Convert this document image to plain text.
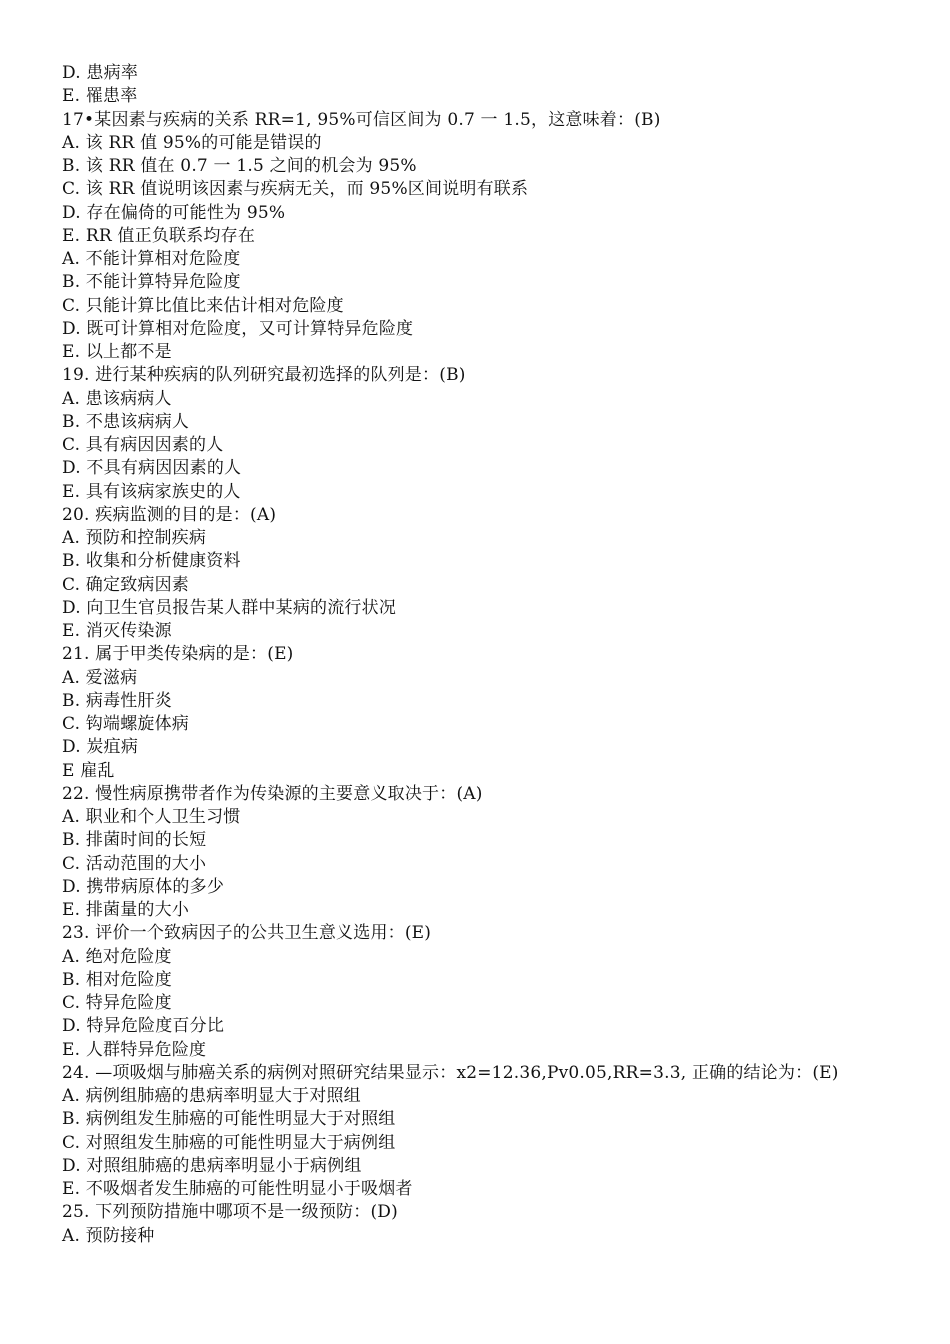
D. 患病率
E. 罹患率
17•某因素与疾病的关系 RR=1, 95%可信区间为 0.7 一 1.5，这意味着：(B)
A. 该 RR 值 95%的可能是错误的
B. 该 RR 值在 0.7 一 1.5 之间的机会为 95%
C. 该 RR 值说明该因素与疾病无关，而 95%区间说明有联系
D. 存在偏倚的可能性为 95%
E. RR 值正负联系均存在
A. 不能计算相对危险度
B. 不能计算特异危险度
C. 只能计算比值比来估计相对危险度
D. 既可计算相对危险度，又可计算特异危险度
E. 以上都不是
19. 进行某种疾病的队列研究最初选择的队列是：(B)
A. 患该病病人
B. 不患该病病人
C. 具有病因因素的人
D. 不具有病因因素的人
E. 具有该病家族史的人
20. 疾病监测的目的是：(A)
A. 预防和控制疾病
B. 收集和分析健康资料
C. 确定致病因素
D. 向卫生官员报告某人群中某病的流行状况
E. 消灭传染源
21. 属于甲类传染病的是：(E)
A. 爱滋病
B. 病毒性肝炎
C. 钩端螺旋体病
D. 炭疽病
E 雇乱
22. 慢性病原携带者作为传染源的主要意义取决于：(A)
A. 职业和个人卫生习惯
B. 排菌时间的长短
C. 活动范围的大小
D. 携带病原体的多少
E. 排菌量的大小
23. 评价一个致病因子的公共卫生意义选用：(E)
A. 绝对危险度
B. 相对危险度
C. 特异危险度
D. 特异危险度百分比
E. 人群特异危险度
24. —项吸烟与肺癌关系的病例对照研究结果显示：x2=12.36,Pv0.05,RR=3.3, 正确的结论为：(E)
A. 病例组肺癌的患病率明显大于对照组
B. 病例组发生肺癌的可能性明显大于对照组
C. 对照组发生肺癌的可能性明显大于病例组
D. 对照组肺癌的患病率明显小于病例组
E. 不吸烟者发生肺癌的可能性明显小于吸烟者
25. 下列预防措施中哪项不是一级预防：(D)
A. 预防接种
